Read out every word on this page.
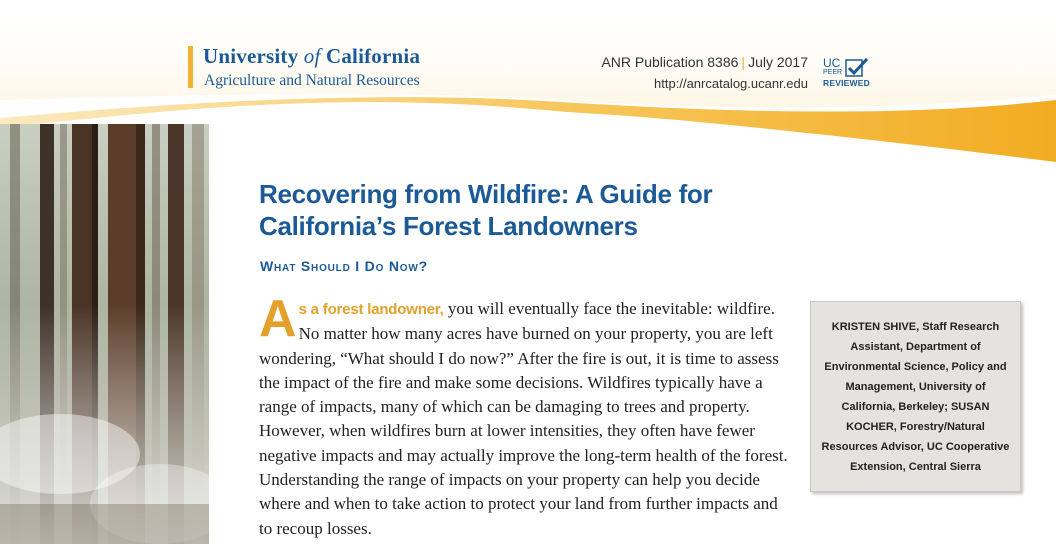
University of California
Agriculture and Natural Resources
ANR Publication 8386 | July 2017
http://anrcatalog.ucanr.edu
UC
PEER
REVIEWED
Recovering from Wildfire: A Guide for
California’s Forest Landowners
What Should I Do Now?
As a forest landowner, you will eventually face the inevitable: wildfire. No matter how many acres have burned on your property, you are left wondering, “What should I do now?” After the fire is out, it is time to assess the impact of the fire and make some decisions. Wildfires typically have a range of impacts, many of which can be damaging to trees and property. However, when wildfires burn at lower intensities, they often have fewer negative impacts and may actually improve the long-term health of the forest. Understanding the range of impacts on your property can help you decide where and when to take action to protect your land from further impacts and to recoup losses.
KRISTEN SHIVE, Staff Research Assistant, Department of Environmental Science, Policy and Management, University of California, Berkeley; SUSAN KOCHER, Forestry/Natural Resources Advisor, UC Cooperative Extension, Central Sierra
